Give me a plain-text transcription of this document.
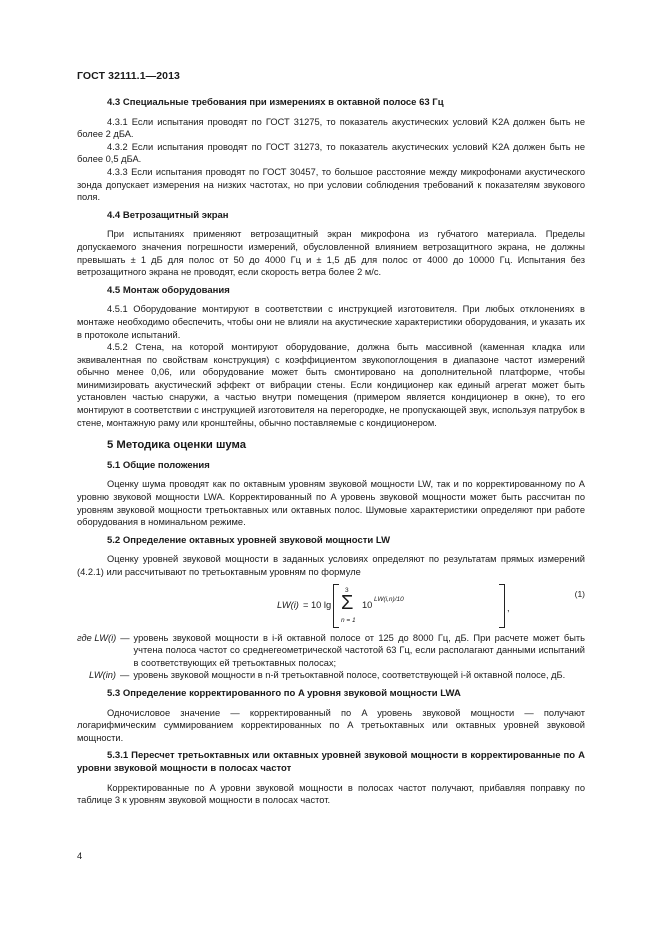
ГОСТ 32111.1—2013
4.3 Специальные требования при измерениях в октавной полосе 63 Гц

4.3.1 Если испытания проводят по ГОСТ 31275, то показатель акустических условий K2A должен быть не более 2 дБА.

4.3.2 Если испытания проводят по ГОСТ 31273, то показатель акустических условий K2A должен быть не более 0,5 дБА.

4.3.3 Если испытания проводят по ГОСТ 30457, то большое расстояние между микрофонами акустического зонда допускает измерения на низких частотах, но при условии соблюдения требований к показателям звукового поля.

4.4 Ветрозащитный экран

При испытаниях применяют ветрозащитный экран микрофона из губчатого материала. Пределы допускаемого значения погрешности измерений, обусловленной влиянием ветрозащитного экрана, не должны превышать ± 1 дБ для полос от 50 до 4000 Гц и ± 1,5 дБ для полос от 4000 до 10000 Гц. Испытания без ветрозащитного экрана не проводят, если скорость ветра более 2 м/с.

4.5 Монтаж оборудования

4.5.1 Оборудование монтируют в соответствии с инструкцией изготовителя. При любых отклонениях в монтаже необходимо обеспечить, чтобы они не влияли на акустические характеристики оборудования, и указать их в протоколе испытаний.

4.5.2 Стена, на которой монтируют оборудование, должна быть массивной (каменная кладка или эквивалентная по свойствам конструкция) с коэффициентом звукопоглощения в диапазоне частот измерений обычно менее 0,06, или оборудование может быть смонтировано на дополнительной платформе, чтобы минимизировать акустический эффект от вибрации стены. Если кондиционер как единый агрегат может быть установлен частью снаружи, а частью внутри помещения (примером является кондиционер в окне), то его монтируют в соответствии с инструкцией изготовителя на перегородке, не пропускающей звук, используя патрубок в стене, монтажную раму или кронштейны, обычно поставляемые с кондиционером.

5 Методика оценки шума
5.1 Общие положения

Оценку шума проводят как по октавным уровням звуковой мощности LW, так и по корректированному по A уровню звуковой мощности LWA. Корректированный по A уровень звуковой мощности может быть рассчитан по уровням звуковой мощности третьоктавных или октавных полос. Шумовые характеристики определяют при работе оборудования в номинальном режиме.

5.2 Определение октавных уровней звуковой мощности LW

Оценку уровней звуковой мощности в заданных условиях определяют по результатам прямых измерений (4.2.1) или рассчитывают по третьоктавным уровням по формуле

LW(i) = 10 lg
3
Σ
n = 1
10
LW(i,n)/10
,
(1)
где LW(i) — уровень звуковой мощности в i-й октавной полосе от 125 до 8000 Гц, дБ. При расчете может быть учтена полоса частот со среднегеометрической частотой 63 Гц, если располагают данными испытаний в соответствующих ей третьоктавных полосах;
LW(in) — уровень звуковой мощности в n-й третьоктавной полосе, соответствующей i-й октавной полосе, дБ.
5.3 Определение корректированного по A уровня звуковой мощности LWA

Одночисловое значение — корректированный по A уровень звуковой мощности — получают логарифмическим суммированием корректированных по A третьоктавных или октавных уровней звуковой мощности.

5.3.1 Пересчет третьоктавных или октавных уровней звуковой мощности в корректированные по A уровни звуковой мощности в полосах частот

Корректированные по A уровни звуковой мощности в полосах частот получают, прибавляя поправку по таблице 3 к уровням звуковой мощности в полосах частот.

4
